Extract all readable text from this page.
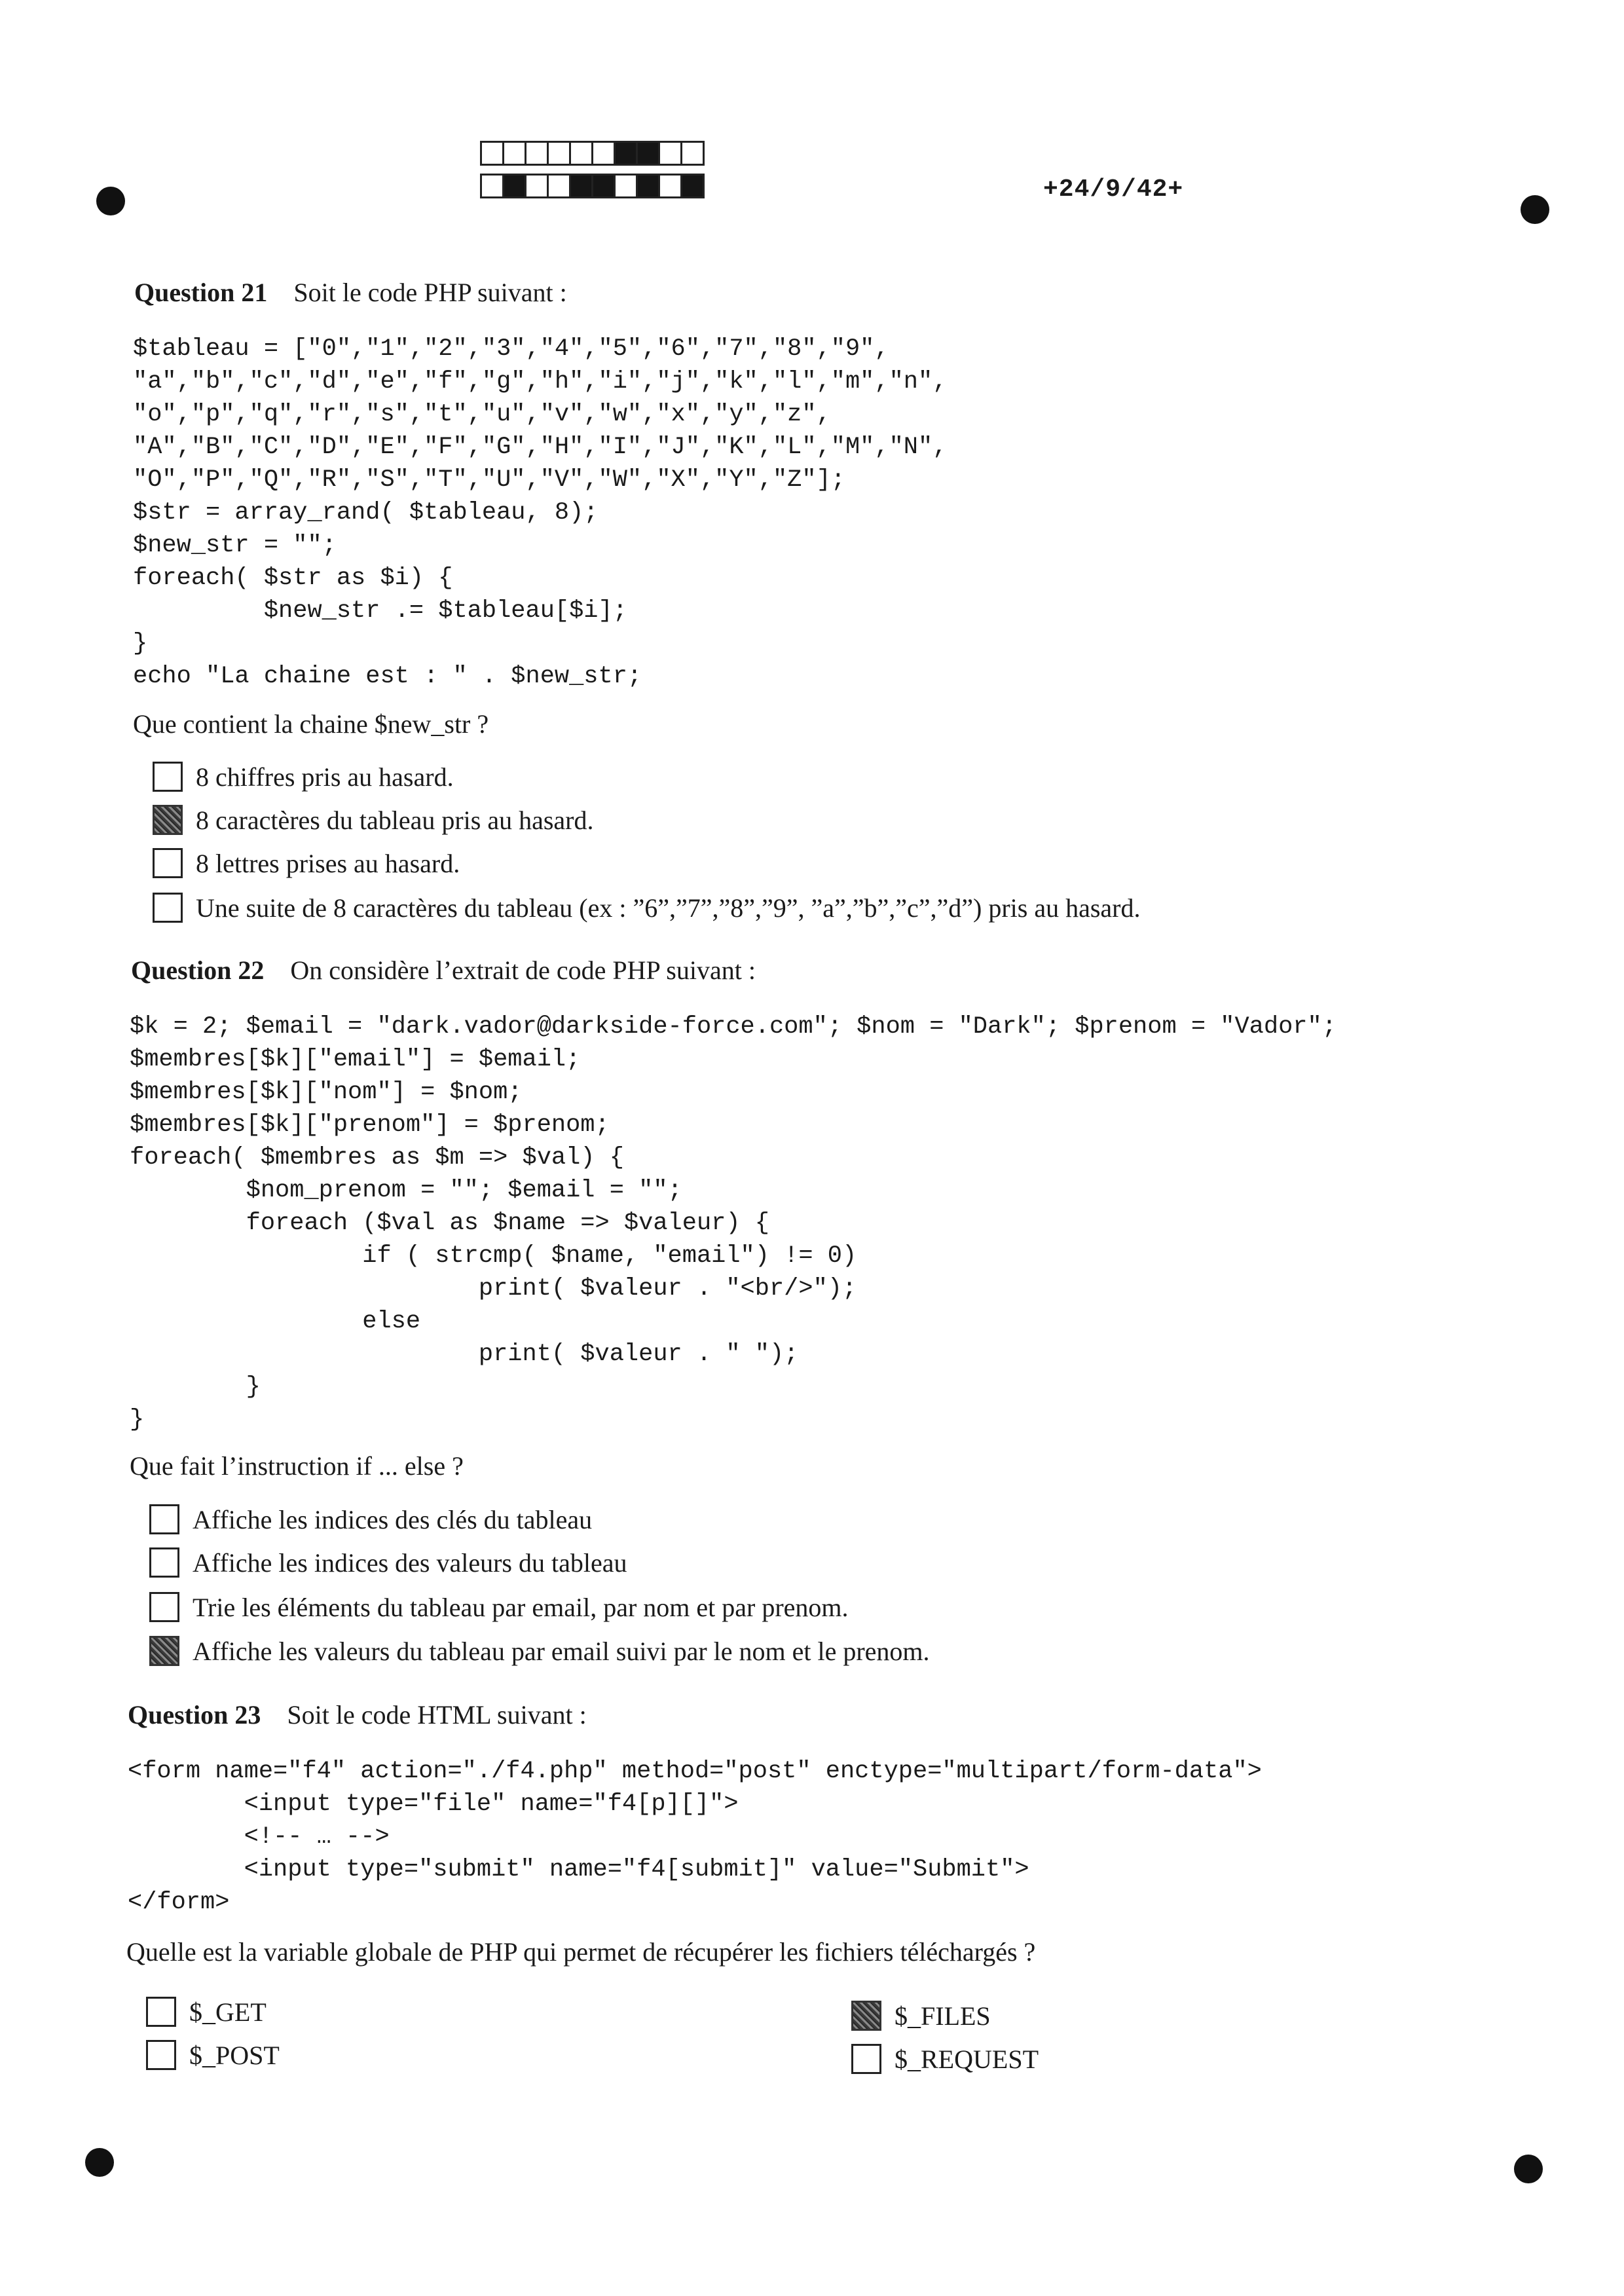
+24/9/42+
Question 21 Soit le code PHP suivant :
$tableau = ["0","1","2","3","4","5","6","7","8","9",
"a","b","c","d","e","f","g","h","i","j","k","l","m","n",
"o","p","q","r","s","t","u","v","w","x","y","z",
"A","B","C","D","E","F","G","H","I","J","K","L","M","N",
"O","P","Q","R","S","T","U","V","W","X","Y","Z"];
$str = array_rand( $tableau, 8);
$new_str = "";
foreach( $str as $i) {
$new_str .= $tableau[$i];
}
echo "La chaine est : " . $new_str;
Que contient la chaine $new_str ?
8 chiffres pris au hasard.
8 caractères du tableau pris au hasard.
8 lettres prises au hasard.
Une suite de 8 caractères du tableau (ex : ”6”,”7”,”8”,”9”, ”a”,”b”,”c”,”d”) pris au hasard.
Question 22 On considère l’extrait de code PHP suivant :
$k = 2; $email = "dark.vador@darkside-force.com"; $nom = "Dark"; $prenom = "Vador";
$membres[$k]["email"] = $email;
$membres[$k]["nom"] = $nom;
$membres[$k]["prenom"] = $prenom;
foreach( $membres as $m => $val) {
$nom_prenom = ""; $email = "";
foreach ($val as $name => $valeur) {
if ( strcmp( $name, "email") != 0)
print( $valeur . "<br/>");
else
print( $valeur . " ");
}
}
Que fait l’instruction if ... else ?
Affiche les indices des clés du tableau
Affiche les indices des valeurs du tableau
Trie les éléments du tableau par email, par nom et par prenom.
Affiche les valeurs du tableau par email suivi par le nom et le prenom.
Question 23 Soit le code HTML suivant :
<form name="f4" action="./f4.php" method="post" enctype="multipart/form-data">
<input type="file" name="f4[p][]">
<!-- … -->
<input type="submit" name="f4[submit]" value="Submit">
</form>
Quelle est la variable globale de PHP qui permet de récupérer les fichiers téléchargés ?
$_GET
$_POST
$_FILES
$_REQUEST
